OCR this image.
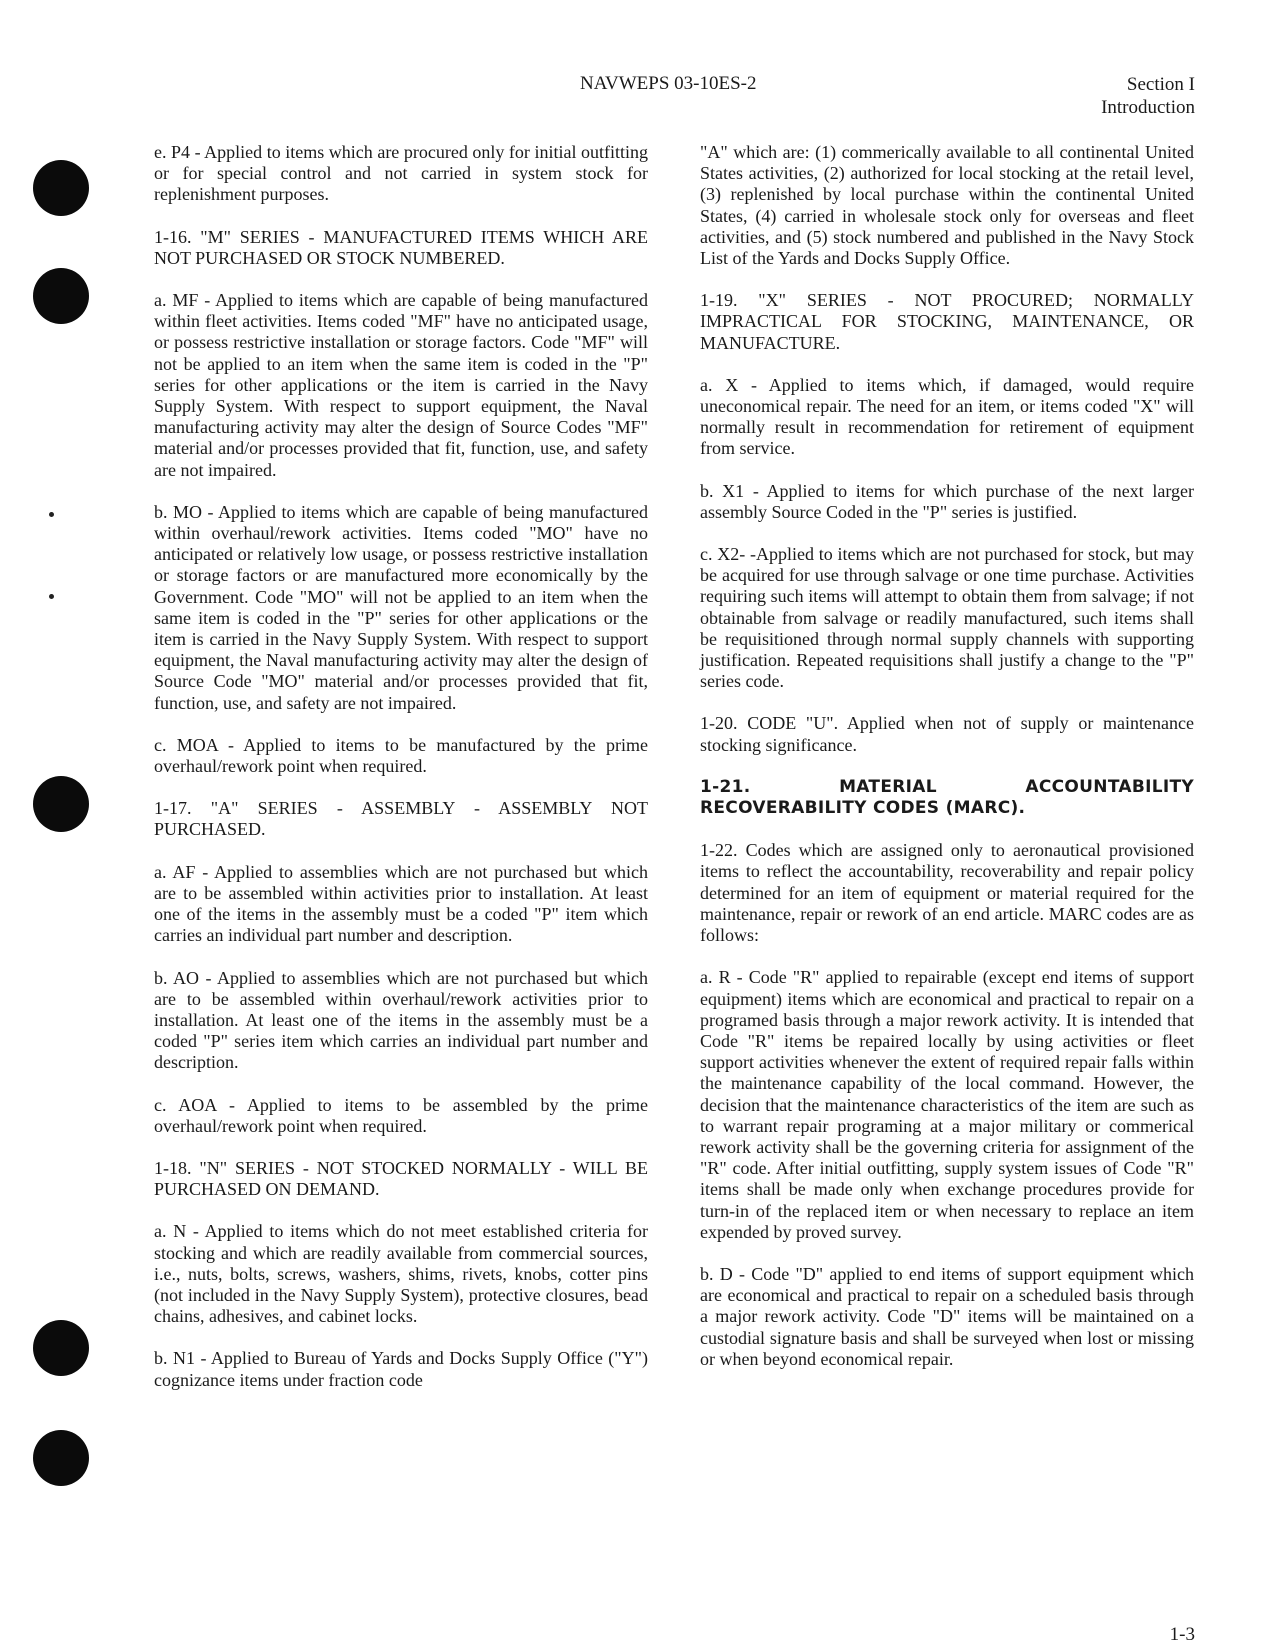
NAVWEPS 03-10ES-2	Section I
Introduction

e. P4 - Applied to items which are procured only for initial outfitting or for special control and not carried in system stock for replenishment purposes.

1-16. "M" SERIES - MANUFACTURED ITEMS WHICH ARE NOT PURCHASED OR STOCK NUMBERED.

a. MF - Applied to items which are capable of being manufactured within fleet activities. Items coded "MF" have no anticipated usage, or possess restrictive installation or storage factors. Code "MF" will not be applied to an item when the same item is coded in the "P" series for other applications or the item is carried in the Navy Supply System. With respect to support equipment, the Naval manufacturing activity may alter the design of Source Codes "MF" material and/or processes provided that fit, function, use, and safety are not impaired.

b. MO - Applied to items which are capable of being manufactured within overhaul/rework activities. Items coded "MO" have no anticipated or relatively low usage, or possess restrictive installation or storage factors or are manufactured more economically by the Government. Code "MO" will not be applied to an item when the same item is coded in the "P" series for other applications or the item is carried in the Navy Supply System. With respect to support equipment, the Naval manufacturing activity may alter the design of Source Code "MO" material and/or processes provided that fit, function, use, and safety are not impaired.

c. MOA - Applied to items to be manufactured by the prime overhaul/rework point when required.

1-17. "A" SERIES - ASSEMBLY - ASSEMBLY NOT PURCHASED.

a. AF - Applied to assemblies which are not purchased but which are to be assembled within activities prior to installation. At least one of the items in the assembly must be a coded "P" item which carries an individual part number and description.

b. AO - Applied to assemblies which are not purchased but which are to be assembled within overhaul/rework activities prior to installation. At least one of the items in the assembly must be a coded "P" series item which carries an individual part number and description.

c. AOA - Applied to items to be assembled by the prime overhaul/rework point when required.

1-18. "N" SERIES - NOT STOCKED NORMALLY - WILL BE PURCHASED ON DEMAND.

a. N - Applied to items which do not meet established criteria for stocking and which are readily available from commercial sources, i.e., nuts, bolts, screws, washers, shims, rivets, knobs, cotter pins (not included in the Navy Supply System), protective closures, bead chains, adhesives, and cabinet locks.

b. N1 - Applied to Bureau of Yards and Docks Supply Office ("Y") cognizance items under fraction code

"A" which are: (1) commerically available to all continental United States activities, (2) authorized for local stocking at the retail level, (3) replenished by local purchase within the continental United States, (4) carried in wholesale stock only for overseas and fleet activities, and (5) stock numbered and published in the Navy Stock List of the Yards and Docks Supply Office.

1-19. "X" SERIES - NOT PROCURED; NORMALLY IMPRACTICAL FOR STOCKING, MAINTENANCE, OR MANUFACTURE.

a. X - Applied to items which, if damaged, would require uneconomical repair. The need for an item, or items coded "X" will normally result in recommendation for retirement of equipment from service.

b. X1 - Applied to items for which purchase of the next larger assembly Source Coded in the "P" series is justified.

c. X2- -Applied to items which are not purchased for stock, but may be acquired for use through salvage or one time purchase. Activities requiring such items will attempt to obtain them from salvage; if not obtainable from salvage or readily manufactured, such items shall be requisitioned through normal supply channels with supporting justification. Repeated requisitions shall justify a change to the "P" series code.

1-20. CODE "U". Applied when not of supply or maintenance stocking significance.

1-21. MATERIAL ACCOUNTABILITY RECOVERABILITY CODES (MARC).

1-22. Codes which are assigned only to aeronautical provisioned items to reflect the accountability, recoverability and repair policy determined for an item of equipment or material required for the maintenance, repair or rework of an end article. MARC codes are as follows:

a. R - Code "R" applied to repairable (except end items of support equipment) items which are economical and practical to repair on a programed basis through a major rework activity. It is intended that Code "R" items be repaired locally by using activities or fleet support activities whenever the extent of required repair falls within the maintenance capability of the local command. However, the decision that the maintenance characteristics of the item are such as to warrant repair programing at a major military or commerical rework activity shall be the governing criteria for assignment of the "R" code. After initial outfitting, supply system issues of Code "R" items shall be made only when exchange procedures provide for turn-in of the replaced item or when necessary to replace an item expended by proved survey.

b. D - Code "D" applied to end items of support equipment which are economical and practical to repair on a scheduled basis through a major rework activity. Code "D" items will be maintained on a custodial signature basis and shall be surveyed when lost or missing or when beyond economical repair.

1-3
